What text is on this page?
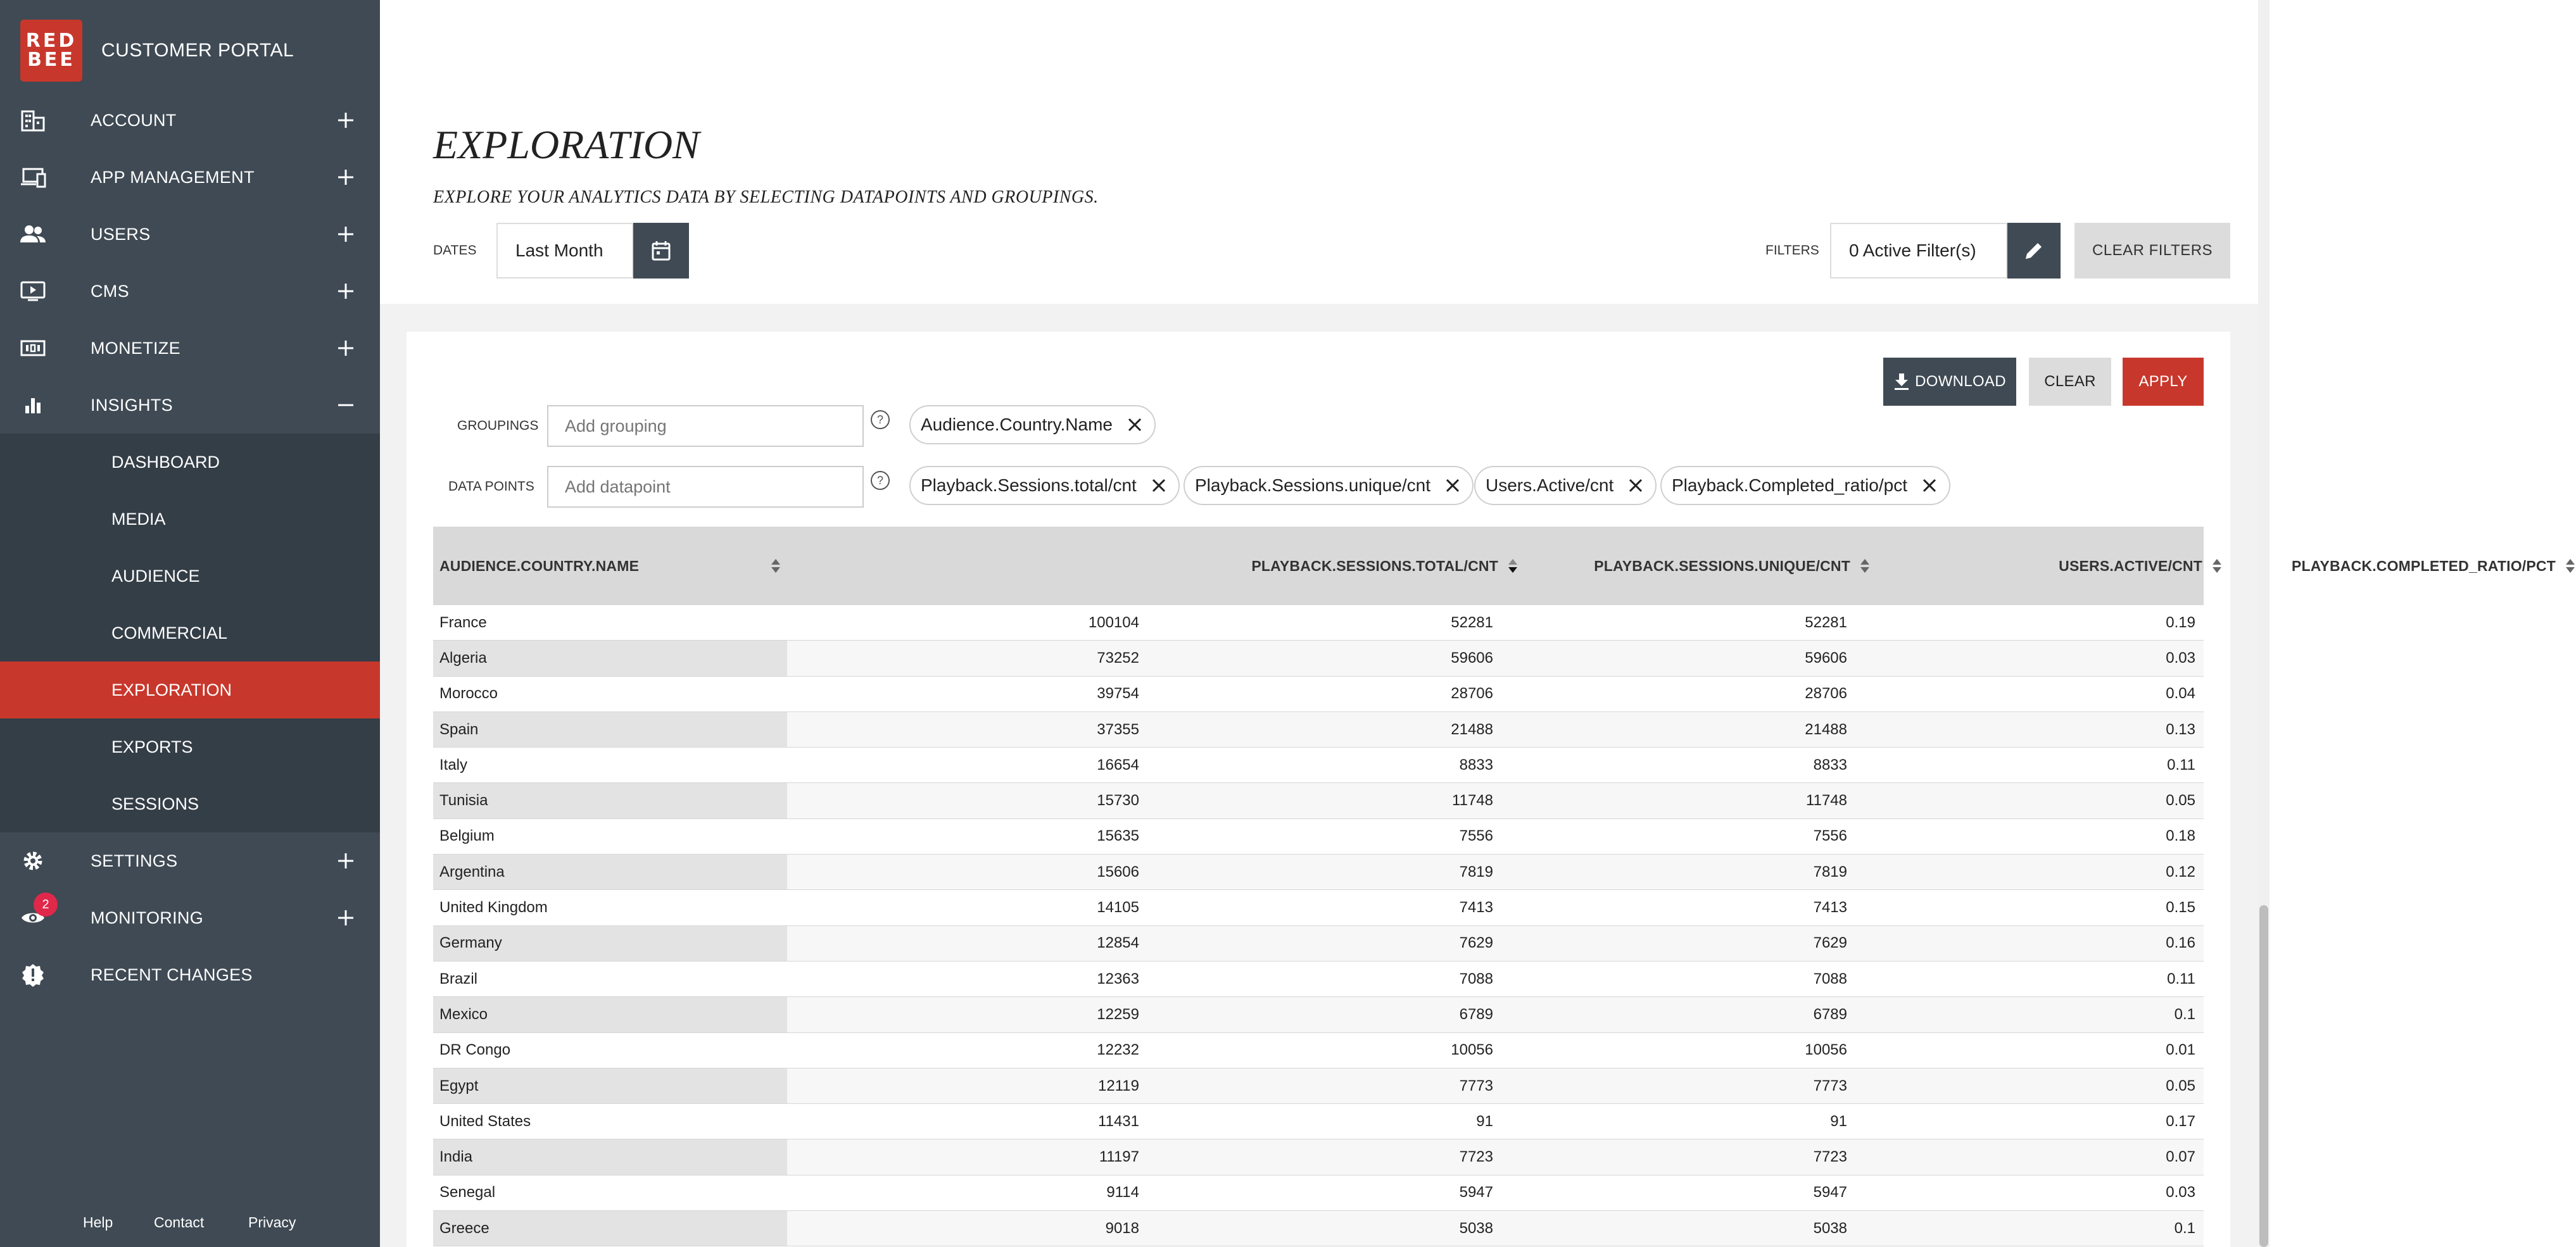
RED
BEE CUSTOMER PORTAL
ACCOUNT
APP MANAGEMENT
USERS
CMS
MONETIZE
INSIGHTS
DASHBOARD
MEDIA
AUDIENCE
COMMERCIAL
EXPLORATION
EXPORTS
SESSIONS
SETTINGS
MONITORING
2
RECENT CHANGES
Help	Contact	Privacy
EXPLORATION
EXPLORE YOUR ANALYTICS DATA BY SELECTING DATAPOINTS AND GROUPINGS.
DATES	Last Month	FILTERS	0 Active Filter(s)	CLEAR FILTERS
DOWNLOAD	CLEAR	APPLY
GROUPINGS
Add grouping	?	Audience.Country.Name
DATA POINTS
Add datapoint	?	Playback.Sessions.total/cnt	Playback.Sessions.unique/cnt	Users.Active/cnt	Playback.Completed_ratio/pct
AUDIENCE.COUNTRY.NAME	PLAYBACK.SESSIONS.TOTAL/CNT	PLAYBACK.SESSIONS.UNIQUE/CNT	USERS.ACTIVE/CNT	PLAYBACK.COMPLETED_RATIO/PCT
France	100104	52281	52281	0.19
Algeria	73252	59606	59606	0.03
Morocco	39754	28706	28706	0.04
Spain	37355	21488	21488	0.13
Italy	16654	8833	8833	0.11
Tunisia	15730	11748	11748	0.05
Belgium	15635	7556	7556	0.18
Argentina	15606	7819	7819	0.12
United Kingdom	14105	7413	7413	0.15
Germany	12854	7629	7629	0.16
Brazil	12363	7088	7088	0.11
Mexico	12259	6789	6789	0.1
DR Congo	12232	10056	10056	0.01
Egypt	12119	7773	7773	0.05
United States	11431	91	91	0.17
India	11197	7723	7723	0.07
Senegal	9114	5947	5947	0.03
Greece	9018	5038	5038	0.1
